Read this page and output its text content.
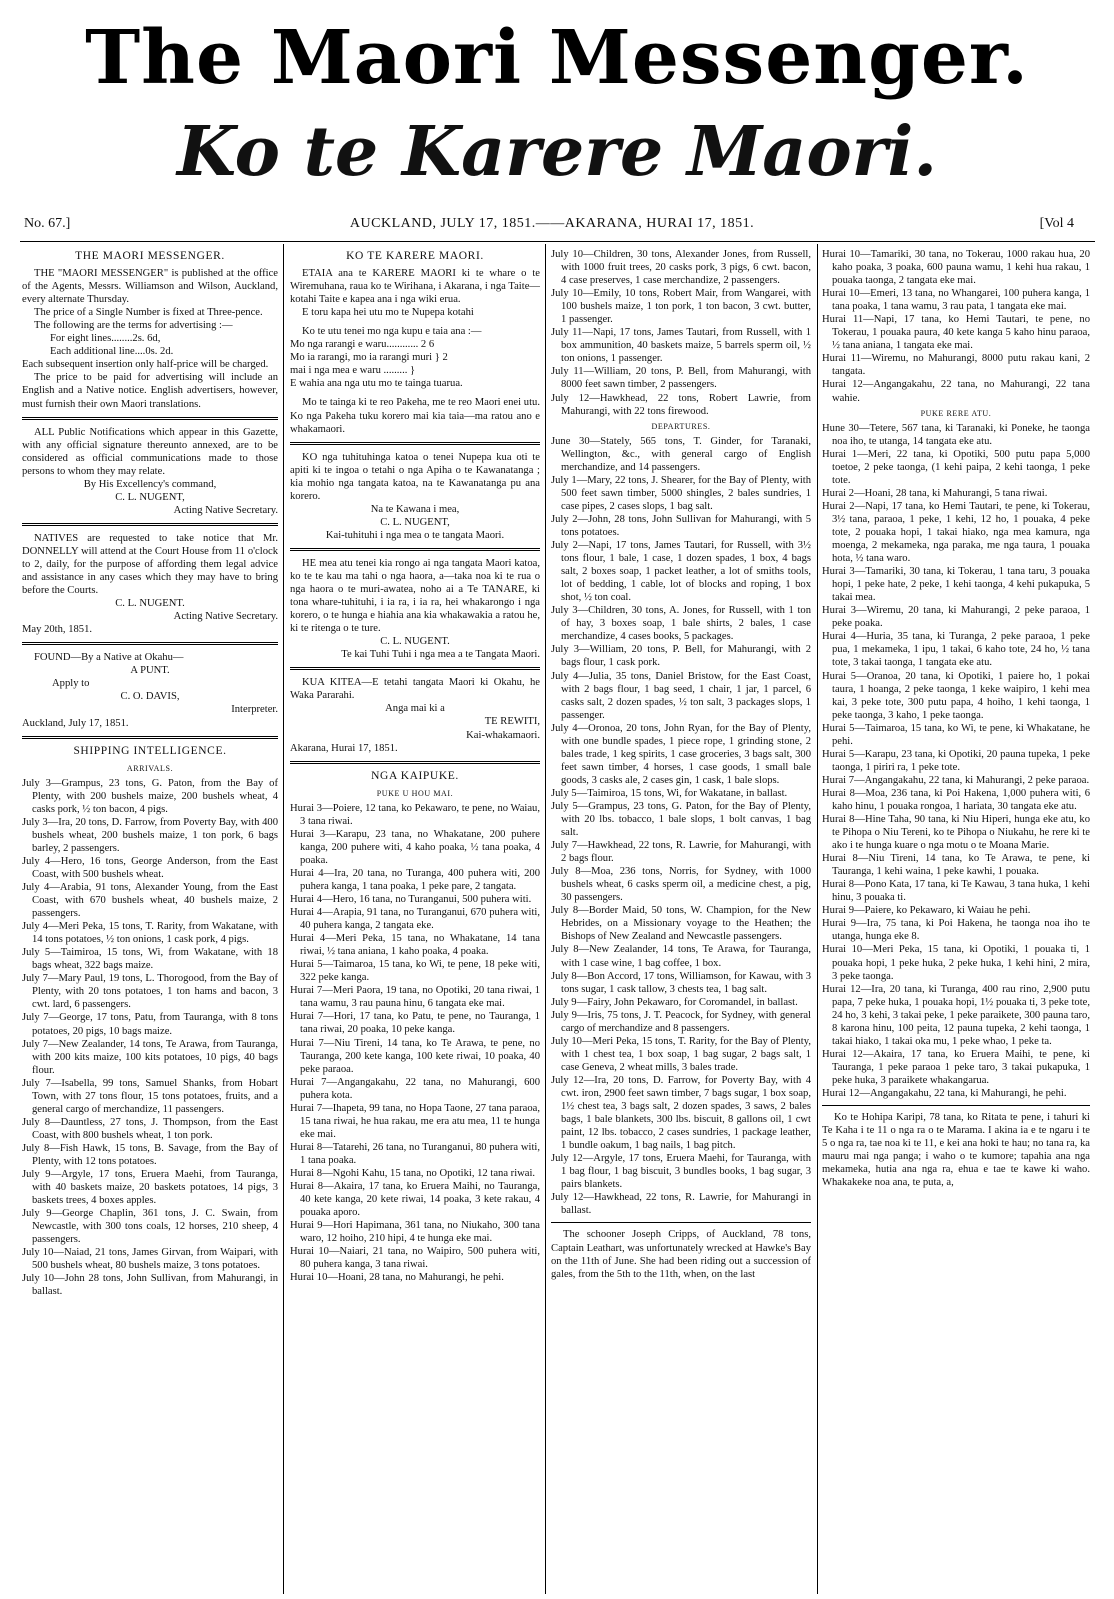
The Maori Messenger.
Ko te Karere Maori.
No. 67.]	AUCKLAND, JULY 17, 1851.——AKARANA, HURAI 17, 1851.	[Vol 4
THE MAORI MESSENGER.

THE "MAORI MESSENGER" is published at the office of the Agents, Messrs. Williamson and Wilson, Auckland, every alternate Thursday.

The price of a Single Number is fixed at Three-pence.

The following are the terms for advertising :—

For eight lines........2s. 6d,

Each additional line....0s. 2d.

Each subsequent insertion only half-price will be charged.

The price to be paid for advertising will include an English and a Native notice. English advertisers, however, must furnish their own Maori translations.

ALL Public Notifications which appear in this Gazette, with any official signature thereunto annexed, are to be considered as official communications made to those persons to whom they may relate.

By His Excellency's command,

C. L. NUGENT,

Acting Native Secretary.

NATIVES are requested to take notice that Mr. DONNELLY will attend at the Court House from 11 o'clock to 2, daily, for the purpose of affording them legal advice and assistance in any cases which they may have to bring before the Courts.

C. L. NUGENT.

Acting Native Secretary.

May 20th, 1851.

FOUND—By a Native at Okahu—

A PUNT.

Apply to

C. O. DAVIS,

Interpreter.

Auckland, July 17, 1851.

SHIPPING INTELLIGENCE.
ARRIVALS.

July 3—Grampus, 23 tons, G. Paton, from the Bay of Plenty, with 200 bushels maize, 200 bushels wheat, 4 casks pork, ½ ton bacon, 4 pigs.

July 3—Ira, 20 tons, D. Farrow, from Poverty Bay, with 400 bushels wheat, 200 bushels maize, 1 ton pork, 6 bags barley, 2 passengers.

July 4—Hero, 16 tons, George Anderson, from the East Coast, with 500 bushels wheat.

July 4—Arabia, 91 tons, Alexander Young, from the East Coast, with 670 bushels wheat, 40 bushels maize, 2 passengers.

July 4—Meri Peka, 15 tons, T. Rarity, from Wakatane, with 14 tons potatoes, ½ ton onions, 1 cask pork, 4 pigs.

July 5—Taimiroa, 15 tons, Wi, from Wakatane, with 18 bags wheat, 322 bags maize.

July 7—Mary Paul, 19 tons, L. Thorogood, from the Bay of Plenty, with 20 tons potatoes, 1 ton hams and bacon, 3 cwt. lard, 6 passengers.

July 7—George, 17 tons, Patu, from Tauranga, with 8 tons potatoes, 20 pigs, 10 bags maize.

July 7—New Zealander, 14 tons, Te Arawa, from Tauranga, with 200 kits maize, 100 kits potatoes, 10 pigs, 40 bags flour.

July 7—Isabella, 99 tons, Samuel Shanks, from Hobart Town, with 27 tons flour, 15 tons potatoes, fruits, and a general cargo of merchandize, 11 passengers.

July 8—Dauntless, 27 tons, J. Thompson, from the East Coast, with 800 bushels wheat, 1 ton pork.

July 8—Fish Hawk, 15 tons, B. Savage, from the Bay of Plenty, with 12 tons potatoes.

July 9—Argyle, 17 tons, Eruera Maehi, from Tauranga, with 40 baskets maize, 20 baskets potatoes, 14 pigs, 3 baskets trees, 4 boxes apples.

July 9—George Chaplin, 361 tons, J. C. Swain, from Newcastle, with 300 tons coals, 12 horses, 210 sheep, 4 passengers.

July 10—Naiad, 21 tons, James Girvan, from Waipari, with 500 bushels wheat, 80 bushels maize, 3 tons potatoes.

July 10—John 28 tons, John Sullivan, from Mahurangi, in ballast.

KO TE KARERE MAORI.

ETAIA ana te KARERE MAORI ki te whare o te Wiremuhana, raua ko te Wirihana, i Akarana, i nga Taite—kotahi Taite e kapea ana i nga wiki erua.

E toru kapa hei utu mo te Nupepa kotahi

Ko te utu tenei mo nga kupu e taia ana :—

Mo nga rarangi e waru............ 2 6

Mo ia rarangi, mo ia rarangi muri } 2

mai i nga mea e waru ......... }

E wahia ana nga utu mo te tainga tuarua.

Mo te tainga ki te reo Pakeha, me te reo Maori enei utu. Ko nga Pakeha tuku korero mai kia taia—ma ratou ano e whakamaori.

KO nga tuhituhinga katoa o tenei Nupepa kua oti te apiti ki te ingoa o tetahi o nga Apiha o te Kawanatanga ; kia mohio nga tangata katoa, na te Kawanatanga pu ana korero.

Na te Kawana i mea,

C. L. NUGENT,

Kai-tuhituhi i nga mea o te tangata Maori.

HE mea atu tenei kia rongo ai nga tangata Maori katoa, ko te te kau ma tahi o nga haora, a—taka noa ki te rua o nga haora o te muri-awatea, noho ai a Te TANARE, ki tona whare-tuhituhi, i ia ra, i ia ra, hei whakarongo i nga korero, o te hunga e hiahia ana kia whakawakia a ratou he, ki te ritenga o te ture.

C. L. NUGENT.

Te kai Tuhi Tuhi i nga mea a te Tangata Maori.

KUA KITEA—E tetahi tangata Maori ki Okahu, he Waka Pararahi.

Anga mai ki a

TE REWITI,

Kai-whakamaori.

Akarana, Hurai 17, 1851.

NGA KAIPUKE.
PUKE U HOU MAI.

Hurai 3—Poiere, 12 tana, ko Pekawaro, te pene, no Waiau, 3 tana riwai.

Hurai 3—Karapu, 23 tana, no Whakatane, 200 puhere kanga, 200 puhere witi, 4 kaho poaka, ½ tana poaka, 4 poaka.

Hurai 4—Ira, 20 tana, no Turanga, 400 puhera witi, 200 puhera kanga, 1 tana poaka, 1 peke pare, 2 tangata.

Hurai 4—Hero, 16 tana, no Turanganui, 500 puhera witi.

Hurai 4—Arapia, 91 tana, no Turanganui, 670 puhera witi, 40 puhera kanga, 2 tangata eke.

Hurai 4—Meri Peka, 15 tana, no Whakatane, 14 tana riwai, ½ tana aniana, 1 kaho poaka, 4 poaka.

Hurai 5—Taimaroa, 15 tana, ko Wi, te pene, 18 peke witi, 322 peke kanga.

Hurai 7—Meri Paora, 19 tana, no Opotiki, 20 tana riwai, 1 tana wamu, 3 rau pauna hinu, 6 tangata eke mai.

Hurai 7—Hori, 17 tana, ko Patu, te pene, no Tauranga, 1 tana riwai, 20 poaka, 10 peke kanga.

Hurai 7—Niu Tireni, 14 tana, ko Te Arawa, te pene, no Tauranga, 200 kete kanga, 100 kete riwai, 10 poaka, 40 peke paraoa.

Hurai 7—Angangakahu, 22 tana, no Mahurangi, 600 puhera kota.

Hurai 7—Ihapeta, 99 tana, no Hopa Taone, 27 tana paraoa, 15 tana riwai, he hua rakau, me era atu mea, 11 te hunga eke mai.

Hurai 8—Tatarehi, 26 tana, no Turanganui, 80 puhera witi, 1 tana poaka.

Hurai 8—Ngohi Kahu, 15 tana, no Opotiki, 12 tana riwai.

Hurai 8—Akaira, 17 tana, ko Eruera Maihi, no Tauranga, 40 kete kanga, 20 kete riwai, 14 poaka, 3 kete rakau, 4 pouaka aporo.

Hurai 9—Hori Hapimana, 361 tana, no Niukaho, 300 tana waro, 12 hoiho, 210 hipi, 4 te hunga eke mai.

Hurai 10—Naiari, 21 tana, no Waipiro, 500 puhera witi, 80 puhera kanga, 3 tana riwai.

Hurai 10—Hoani, 28 tana, no Mahurangi, he pehi.

July 10—Children, 30 tons, Alexander Jones, from Russell, with 1000 fruit trees, 20 casks pork, 3 pigs, 6 cwt. bacon, 4 case preserves, 1 case merchandize, 2 passengers.

July 10—Emily, 10 tons, Robert Mair, from Wangarei, with 100 bushels maize, 1 ton pork, 1 ton bacon, 3 cwt. butter, 1 passenger.

July 11—Napi, 17 tons, James Tautari, from Russell, with 1 box ammunition, 40 baskets maize, 5 barrels sperm oil, ½ ton onions, 1 passenger.

July 11—William, 20 tons, P. Bell, from Mahurangi, with 8000 feet sawn timber, 2 passengers.

July 12—Hawkhead, 22 tons, Robert Lawrie, from Mahurangi, with 22 tons firewood.

DEPARTURES.

June 30—Stately, 565 tons, T. Ginder, for Taranaki, Wellington, &c., with general cargo of English merchandize, and 14 passengers.

July 1—Mary, 22 tons, J. Shearer, for the Bay of Plenty, with 500 feet sawn timber, 5000 shingles, 2 bales sundries, 1 case pipes, 2 cases slops, 1 bag salt.

July 2—John, 28 tons, John Sullivan for Mahurangi, with 5 tons potatoes.

July 2—Napi, 17 tons, James Tautari, for Russell, with 3½ tons flour, 1 bale, 1 case, 1 dozen spades, 1 box, 4 bags salt, 2 boxes soap, 1 packet leather, a lot of smiths tools, lot of bedding, 1 cable, lot of blocks and roping, 1 box shot, ½ ton coal.

July 3—Children, 30 tons, A. Jones, for Russell, with 1 ton of hay, 3 boxes soap, 1 bale shirts, 2 bales, 1 case merchandize, 4 cases books, 5 packages.

July 3—William, 20 tons, P. Bell, for Mahurangi, with 2 bags flour, 1 cask pork.

July 4—Julia, 35 tons, Daniel Bristow, for the East Coast, with 2 bags flour, 1 bag seed, 1 chair, 1 jar, 1 parcel, 6 casks salt, 2 dozen spades, ½ ton salt, 3 packages slops, 1 passenger.

July 4—Oronoa, 20 tons, John Ryan, for the Bay of Plenty, with one bundle spades, 1 piece rope, 1 grinding stone, 2 bales trade, 1 keg spirits, 1 case groceries, 3 bags salt, 300 feet sawn timber, 4 horses, 1 case goods, 1 small bale goods, 3 casks ale, 2 cases gin, 1 cask, 1 bale slops.

July 5—Taimiroa, 15 tons, Wi, for Wakatane, in ballast.

July 5—Grampus, 23 tons, G. Paton, for the Bay of Plenty, with 20 lbs. tobacco, 1 bale slops, 1 bolt canvas, 1 bag salt.

July 7—Hawkhead, 22 tons, R. Lawrie, for Mahurangi, with 2 bags flour.

July 8—Moa, 236 tons, Norris, for Sydney, with 1000 bushels wheat, 6 casks sperm oil, a medicine chest, a pig, 30 passengers.

July 8—Border Maid, 50 tons, W. Champion, for the New Hebrides, on a Missionary voyage to the Heathen; the Bishops of New Zealand and Newcastle passengers.

July 8—New Zealander, 14 tons, Te Arawa, for Tauranga, with 1 case wine, 1 bag coffee, 1 box.

July 8—Bon Accord, 17 tons, Williamson, for Kawau, with 3 tons sugar, 1 cask tallow, 3 chests tea, 1 bag salt.

July 9—Fairy, John Pekawaro, for Coromandel, in ballast.

July 9—Iris, 75 tons, J. T. Peacock, for Sydney, with general cargo of merchandize and 8 passengers.

July 10—Meri Peka, 15 tons, T. Rarity, for the Bay of Plenty, with 1 chest tea, 1 box soap, 1 bag sugar, 2 bags salt, 1 case Geneva, 2 wheat mills, 3 bales trade.

July 12—Ira, 20 tons, D. Farrow, for Poverty Bay, with 4 cwt. iron, 2900 feet sawn timber, 7 bags sugar, 1 box soap, 1½ chest tea, 3 bags salt, 2 dozen spades, 3 saws, 2 bales bags, 1 bale blankets, 300 lbs. biscuit, 8 gallons oil, 1 cwt paint, 12 lbs. tobacco, 2 cases sundries, 1 package leather, 1 bundle oakum, 1 bag nails, 1 bag pitch.

July 12—Argyle, 17 tons, Eruera Maehi, for Tauranga, with 1 bag flour, 1 bag biscuit, 3 bundles books, 1 bag sugar, 3 pairs blankets.

July 12—Hawkhead, 22 tons, R. Lawrie, for Mahurangi in ballast.

The schooner Joseph Cripps, of Auckland, 78 tons, Captain Leathart, was unfortunately wrecked at Hawke's Bay on the 11th of June. She had been riding out a succession of gales, from the 5th to the 11th, when, on the last

Hurai 10—Tamariki, 30 tana, no Tokerau, 1000 rakau hua, 20 kaho poaka, 3 poaka, 600 pauna wamu, 1 kehi hua rakau, 1 pouaka taonga, 2 tangata eke mai.

Hurai 10—Emeri, 13 tana, no Whangarei, 100 puhera kanga, 1 tana poaka, 1 tana wamu, 3 rau pata, 1 tangata eke mai.

Hurai 11—Napi, 17 tana, ko Hemi Tautari, te pene, no Tokerau, 1 pouaka paura, 40 kete kanga 5 kaho hinu paraoa, ½ tana aniana, 1 tangata eke mai.

Hurai 11—Wiremu, no Mahurangi, 8000 putu rakau kani, 2 tangata.

Hurai 12—Angangakahu, 22 tana, no Mahurangi, 22 tana wahie.

PUKE RERE ATU.

Hune 30—Tetere, 567 tana, ki Taranaki, ki Poneke, he taonga noa iho, te utanga, 14 tangata eke atu.

Hurai 1—Meri, 22 tana, ki Opotiki, 500 putu papa 5,000 toetoe, 2 peke taonga, (1 kehi paipa, 2 kehi taonga, 1 peke tote.

Hurai 2—Hoani, 28 tana, ki Mahurangi, 5 tana riwai.

Hurai 2—Napi, 17 tana, ko Hemi Tautari, te pene, ki Tokerau, 3½ tana, paraoa, 1 peke, 1 kehi, 12 ho, 1 pouaka, 4 peke tote, 2 pouaka hopi, 1 takai hiako, nga mea kamura, nga moenga, 2 mekameka, nga paraka, me nga taura, 1 pouaka hota, ½ tana waro.

Hurai 3—Tamariki, 30 tana, ki Tokerau, 1 tana taru, 3 pouaka hopi, 1 peke hate, 2 peke, 1 kehi taonga, 4 kehi pukapuka, 5 takai mea.

Hurai 3—Wiremu, 20 tana, ki Mahurangi, 2 peke paraoa, 1 peke poaka.

Hurai 4—Huria, 35 tana, ki Turanga, 2 peke paraoa, 1 peke pua, 1 mekameka, 1 ipu, 1 takai, 6 kaho tote, 24 ho, ½ tana tote, 3 takai taonga, 1 tangata eke atu.

Hurai 5—Oranoa, 20 tana, ki Opotiki, 1 paiere ho, 1 pokai taura, 1 hoanga, 2 peke taonga, 1 keke waipiro, 1 kehi mea kai, 3 peke tote, 300 putu papa, 4 hoiho, 1 kehi taonga, 1 peke taonga, 3 kaho, 1 peke taonga.

Hurai 5—Taimaroa, 15 tana, ko Wi, te pene, ki Whakatane, he pehi.

Hurai 5—Karapu, 23 tana, ki Opotiki, 20 pauna tupeka, 1 peke taonga, 1 piriri ra, 1 peke tote.

Hurai 7—Angangakahu, 22 tana, ki Mahurangi, 2 peke paraoa.

Hurai 8—Moa, 236 tana, ki Poi Hakena, 1,000 puhera witi, 6 kaho hinu, 1 pouaka rongoa, 1 hariata, 30 tangata eke atu.

Hurai 8—Hine Taha, 90 tana, ki Niu Hiperi, hunga eke atu, ko te Pihopa o Niu Tereni, ko te Pihopa o Niukahu, he rere ki te ako i te hunga kuare o nga motu o te Moana Marie.

Hurai 8—Niu Tireni, 14 tana, ko Te Arawa, te pene, ki Tauranga, 1 kehi waina, 1 peke kawhi, 1 pouaka.

Hurai 8—Pono Kata, 17 tana, ki Te Kawau, 3 tana huka, 1 kehi hinu, 3 pouaka ti.

Hurai 9—Paiere, ko Pekawaro, ki Waiau he pehi.

Hurai 9—Ira, 75 tana, ki Poi Hakena, he taonga noa iho te utanga, hunga eke 8.

Hurai 10—Meri Peka, 15 tana, ki Opotiki, 1 pouaka ti, 1 pouaka hopi, 1 peke huka, 2 peke huka, 1 kehi hini, 2 mira, 3 peke taonga.

Hurai 12—Ira, 20 tana, ki Turanga, 400 rau rino, 2,900 putu papa, 7 peke huka, 1 pouaka hopi, 1½ pouaka ti, 3 peke tote, 24 ho, 3 kehi, 3 takai peke, 1 peke paraikete, 300 pauna taro, 8 karona hinu, 100 peita, 12 pauna tupeka, 2 kehi taonga, 1 takai hiako, 1 takai oka mu, 1 peke whao, 1 peke ta.

Hurai 12—Akaira, 17 tana, ko Eruera Maihi, te pene, ki Tauranga, 1 peke paraoa 1 peke taro, 3 takai pukapuka, 1 peke huka, 3 paraikete whakangarua.

Hurai 12—Angangakahu, 22 tana, ki Mahurangi, he pehi.

Ko te Hohipa Karipi, 78 tana, ko Ritata te pene, i tahuri ki Te Kaha i te 11 o nga ra o te Marama. I akina ia e te ngaru i te 5 o nga ra, tae noa ki te 11, e kei ana hoki te hau; no tana ra, ka mauru mai nga panga; i waho o te kumore; tapahia ana nga mekameka, hutia ana nga ra, ehua e tae te kawe ki waho. Whakakeke noa ana, te puta, a,
